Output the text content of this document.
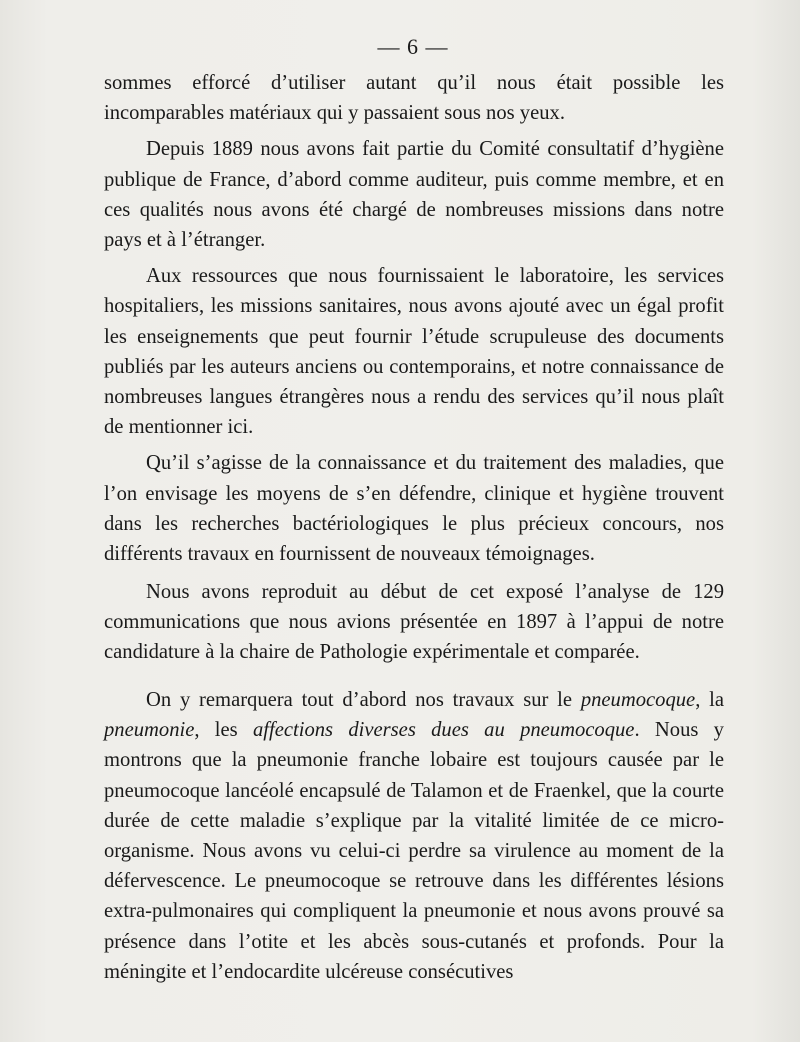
— 6 —

sommes efforcé d’utiliser autant qu’il nous était possible les incomparables matériaux qui y passaient sous nos yeux.

Depuis 1889 nous avons fait partie du Comité consultatif d’hygiène publique de France, d’abord comme auditeur, puis comme membre, et en ces qualités nous avons été chargé de nombreuses missions dans notre pays et à l’étranger.

Aux ressources que nous fournissaient le laboratoire, les services hospitaliers, les missions sanitaires, nous avons ajouté avec un égal profit les enseignements que peut fournir l’étude scrupuleuse des documents publiés par les auteurs anciens ou contemporains, et notre connaissance de nombreuses langues étrangères nous a rendu des services qu’il nous plaît de mentionner ici.

Qu’il s’agisse de la connaissance et du traitement des maladies, que l’on envisage les moyens de s’en défendre, clinique et hygiène trouvent dans les recherches bactériologiques le plus précieux concours, nos différents travaux en fournissent de nouveaux témoignages.

Nous avons reproduit au début de cet exposé l’analyse de 129 communications que nous avions présentée en 1897 à l’appui de notre candidature à la chaire de Pathologie expérimentale et comparée.

On y remarquera tout d’abord nos travaux sur le pneumocoque, la pneumonie, les affections diverses dues au pneumocoque. Nous y montrons que la pneumonie franche lobaire est toujours causée par le pneumocoque lancéolé encapsulé de Talamon et de Fraenkel, que la courte durée de cette maladie s’explique par la vitalité limitée de ce micro-organisme. Nous avons vu celui-ci perdre sa virulence au moment de la défervescence. Le pneumocoque se retrouve dans les différentes lésions extra-pulmonaires qui compliquent la pneumonie et nous avons prouvé sa présence dans l’otite et les abcès sous-cutanés et profonds. Pour la méningite et l’endocardite ulcéreuse consécutives
